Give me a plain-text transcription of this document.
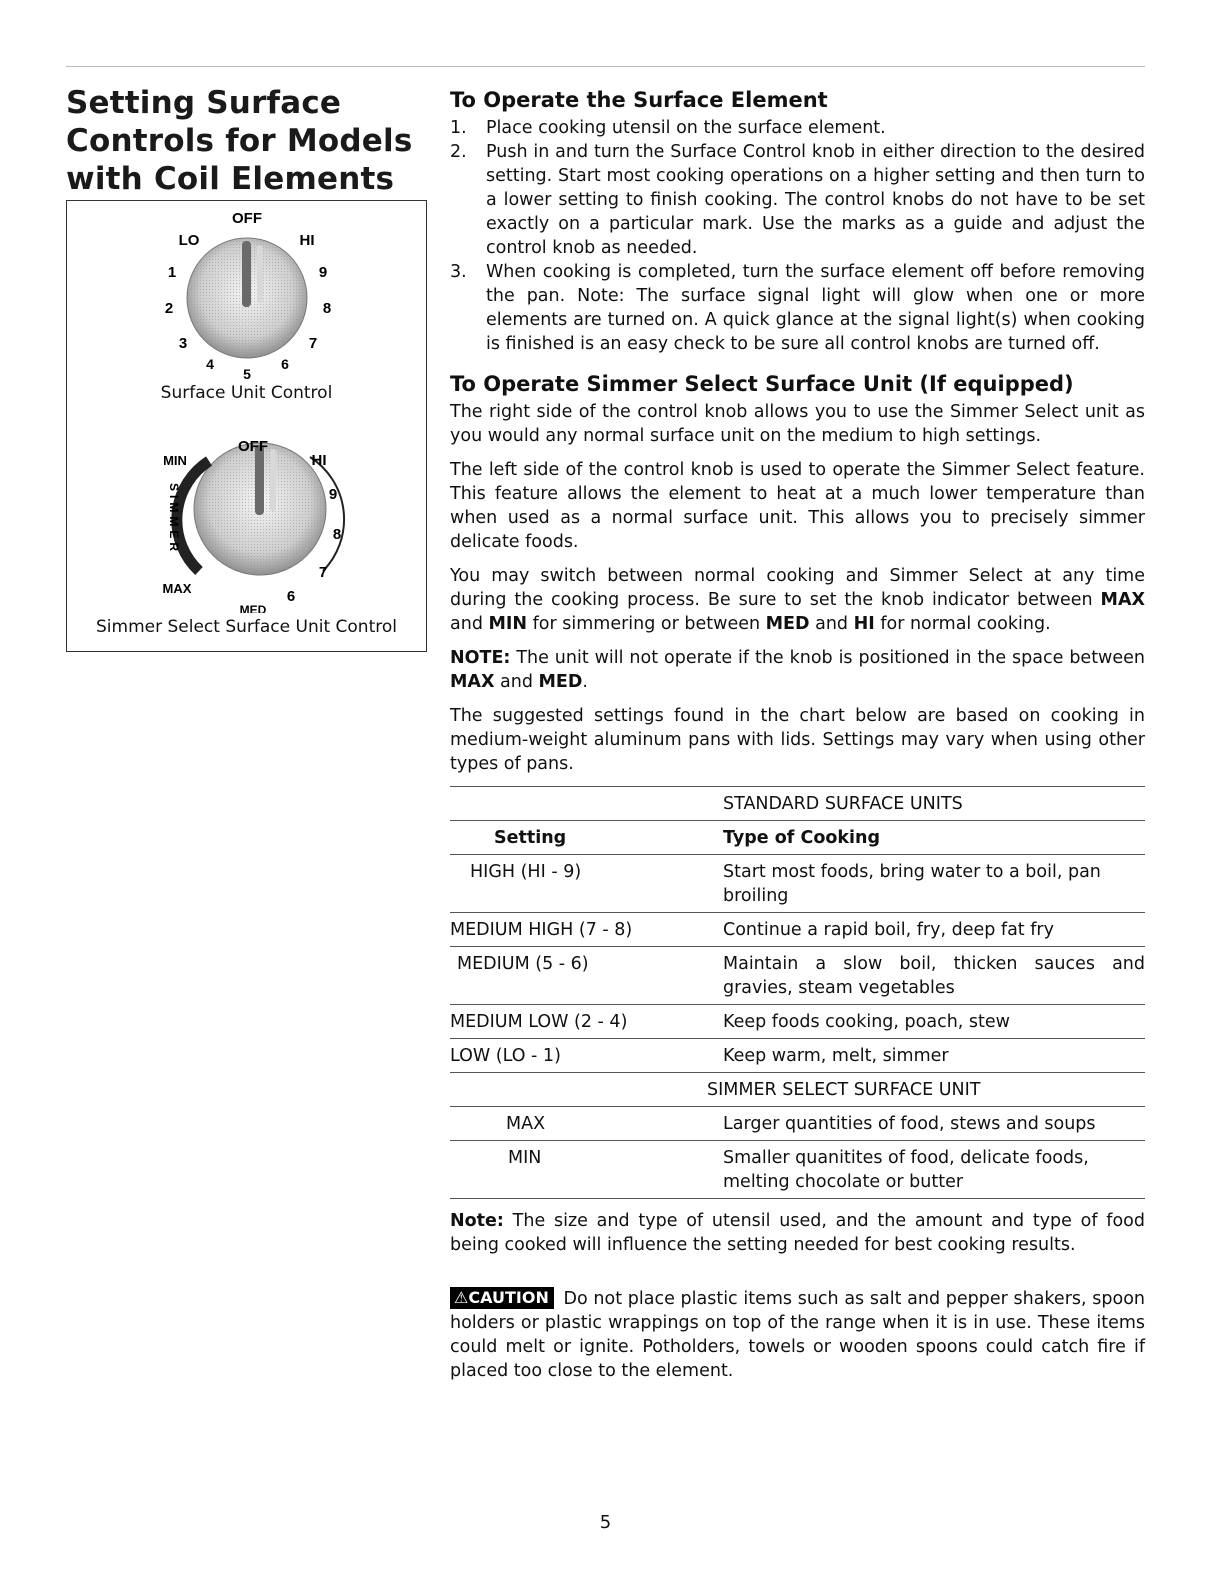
Setting Surface
Controls for Models
with Coil Elements
OFF
LO	HI
1
2
3
4
5
6
7
8
9
Surface Unit Control
OFF
MIN	HI
9
8
7
6
MAX
MED
SIMMER
Simmer Select Surface Unit Control
To Operate the Surface Element
1. Place cooking utensil on the surface element.
2. Push in and turn the Surface Control knob in either direction to the desired setting. Start most cooking operations on a higher setting and then turn to a lower setting to finish cooking. The control knobs do not have to be set exactly on a particular mark. Use the marks as a guide and adjust the control knob as needed.
3. When cooking is completed, turn the surface element off before removing the pan. Note: The surface signal light will glow when one or more elements are turned on. A quick glance at the signal light(s) when cooking is finished is an easy check to be sure all control knobs are turned off.
To Operate Simmer Select Surface Unit (If equipped)

The right side of the control knob allows you to use the Simmer Select unit as you would any normal surface unit on the medium to high settings.

The left side of the control knob is used to operate the Simmer Select feature. This feature allows the element to heat at a much lower temperature than when used as a normal surface unit. This allows you to precisely simmer delicate foods.

You may switch between normal cooking and Simmer Select at any time during the cooking process. Be sure to set the knob indicator between MAX and MIN for simmering or between MED and HI for normal cooking.

NOTE: The unit will not operate if the knob is positioned in the space between MAX and MED.

The suggested settings found in the chart below are based on cooking in medium-weight aluminum pans with lids. Settings may vary when using other types of pans.

	STANDARD SURFACE UNITS
Setting	Type of Cooking
HIGH (HI - 9)	Start most foods, bring water to a boil, pan broiling
MEDIUM HIGH (7 - 8)	Continue a rapid boil, fry, deep fat fry
MEDIUM (5 - 6)	Maintain a slow boil, thicken sauces and gravies, steam vegetables
MEDIUM LOW (2 - 4)	Keep foods cooking, poach, stew
LOW (LO - 1)	Keep warm, melt, simmer
	SIMMER SELECT SURFACE UNIT
MAX	Larger quantities of food, stews and soups
MIN	Smaller quanitites of food, delicate foods, melting chocolate or butter

Note: The size and type of utensil used, and the amount and type of food being cooked will influence the setting needed for best cooking results.

⚠CAUTION Do not place plastic items such as salt and pepper shakers, spoon holders or plastic wrappings on top of the range when it is in use. These items could melt or ignite. Potholders, towels or wooden spoons could catch fire if placed too close to the element.

5
